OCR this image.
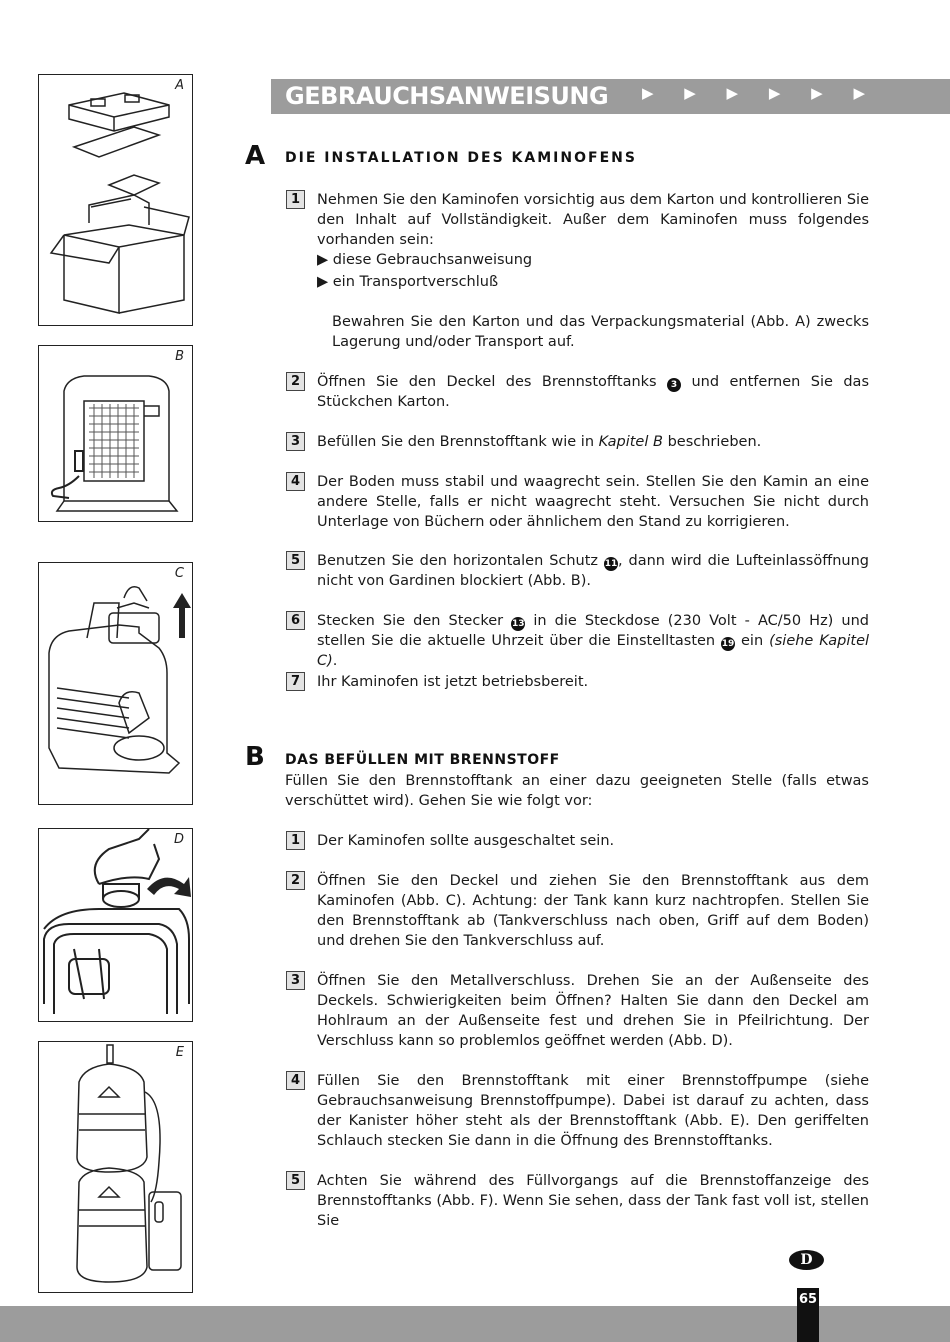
A
B
C
D
E
GEBRAUCHSANWEISUNG ▶ ▶ ▶ ▶ ▶ ▶
A DIE INSTALLATION DES KAMINOFENS
1	Nehmen Sie den Kaminofen vorsichtig aus dem Karton und kontrollieren Sie den Inhalt auf Vollständigkeit. Außer dem Kaminofen muss folgendes vorhanden sein:
▶ diese Gebrauchsanweisung
▶ ein Transportverschluß
Bewahren Sie den Karton und das Verpackungsmaterial (Abb. A) zwecks Lagerung und/oder Transport auf.
2	Öffnen Sie den Deckel des Brennstofftanks 3 und entfernen Sie das Stückchen Karton.
3	Befüllen Sie den Brennstofftank wie in Kapitel B beschrieben.
4	Der Boden muss stabil und waagrecht sein. Stellen Sie den Kamin an eine andere Stelle, falls er nicht waagrecht steht. Versuchen Sie nicht durch Unterlage von Büchern oder ähnlichem den Stand zu korrigieren.
5	Benutzen Sie den horizontalen Schutz 11, dann wird die Lufteinlassöffnung nicht von Gardinen blockiert (Abb. B).
6	Stecken Sie den Stecker 13 in die Steckdose (230 Volt - AC/50 Hz) und stellen Sie die aktuelle Uhrzeit über die Einstelltasten 19 ein (siehe Kapitel C).
7	Ihr Kaminofen ist jetzt betriebsbereit.
B DAS BEFÜLLEN MIT BRENNSTOFF
Füllen Sie den Brennstofftank an einer dazu geeigneten Stelle (falls etwas verschüttet wird). Gehen Sie wie folgt vor:
1	Der Kaminofen sollte ausgeschaltet sein.
2	Öffnen Sie den Deckel und ziehen Sie den Brennstofftank aus dem Kaminofen (Abb. C). Achtung: der Tank kann kurz nachtropfen. Stellen Sie den Brennstofftank ab (Tankverschluss nach oben, Griff auf dem Boden) und drehen Sie den Tankverschluss auf.
3	Öffnen Sie den Metallverschluss. Drehen Sie an der Außenseite des Deckels. Schwierigkeiten beim Öffnen? Halten Sie dann den Deckel am Hohlraum an der Außenseite fest und drehen Sie in Pfeilrichtung. Der Verschluss kann so problemlos geöffnet werden (Abb. D).
4	Füllen Sie den Brennstofftank mit einer Brennstoffpumpe (siehe Gebrauchsanweisung Brennstoffpumpe). Dabei ist darauf zu achten, dass der Kanister höher steht als der Brennstofftank (Abb. E). Den geriffelten Schlauch stecken Sie dann in die Öffnung des Brennstofftanks.
5	Achten Sie während des Füllvorgangs auf die Brennstoffanzeige des Brennstofftanks (Abb. F). Wenn Sie sehen, dass der Tank fast voll ist, stellen Sie
D
65
